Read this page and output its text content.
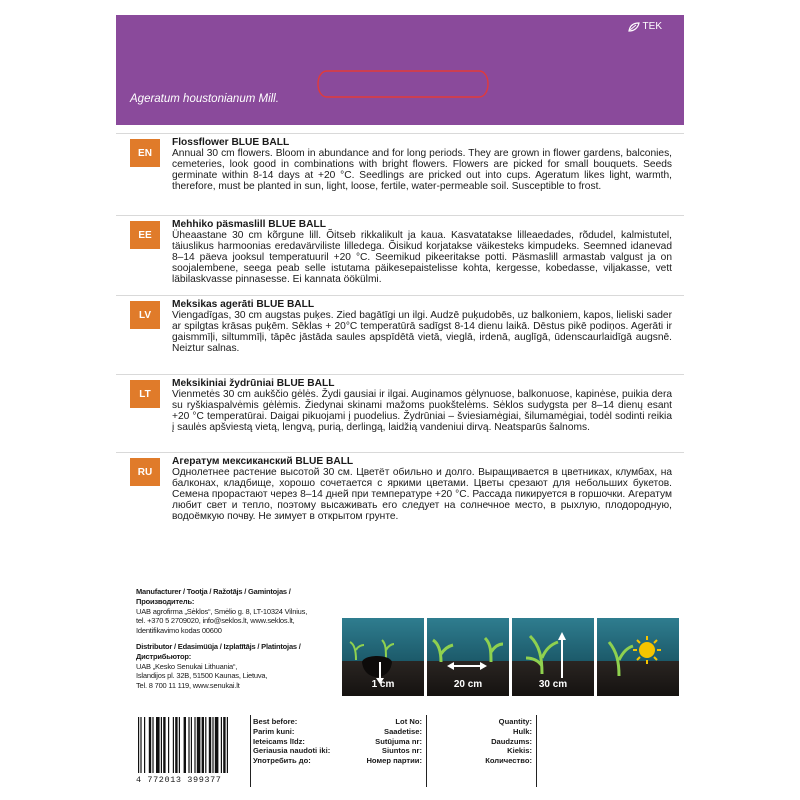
TEK
Ageratum houstonianum Mill.
EN
Flossflower BLUE BALL
Annual 30 cm flowers. Bloom in abundance and for long periods. They are grown in flower gardens, balconies, cemeteries, look good in combinations with bright flowers. Flowers are picked for small bouquets. Seeds germinate within 8-14 days at +20 °C. Seedlings are pricked out into cups. Ageratum likes light, warmth, therefore, must be planted in sun, light, loose, fertile, water-permeable soil. Susceptible to frost.
EE
Mehhiko päsmaslill BLUE BALL
Üheaastane 30 cm kõrgune lill. Õitseb rikkalikult ja kaua. Kasvatatakse lilleaedades, rõdudel, kalmistutel, täiuslikus harmoonias eredavärviliste lilledega. Õisikud korjatakse väikesteks kimpudeks. Seemned idanevad 8–14 päeva jooksul temperatuuril +20 °C. Seemikud pikeeritakse potti. Päsmaslill armastab valgust ja on soojalembene, seega peab selle istutama päikesepaistelisse kohta, kergesse, kobedasse, viljakasse, vett läbilaskvasse pinnasesse. Ei kannata öökülmi.
LV
Meksikas agerāti BLUE BALL
Viengadīgas, 30 cm augstas puķes. Zied bagātīgi un ilgi. Audzē puķudobēs, uz balkoniem, kapos, lieliski sader ar spilgtas krāsas puķēm. Sēklas + 20°C temperatūrā sadīgst 8-14 dienu laikā. Dēstus pikē podiņos. Agerāti ir gaismmīļi, siltummīļi, tāpēc jāstāda saules apspīdētā vietā, vieglā, irdenā, auglīgā, ūdenscaurlaidīgā augsnē. Neiztur salnas.
LT
Meksikiniai žydrūniai BLUE BALL
Vienmetės 30 cm aukščio gėlės. Žydi gausiai ir ilgai. Auginamos gėlynuose, balkonuose, kapinėse, puikia dera su ryškiaspalvėmis gėlėmis. Žiedynai skinami mažoms puokštelėms. Sėklos sudygsta per 8–14 dienų esant +20 °C temperatūrai. Daigai pikuojami į puodelius. Žydrūniai – šviesiamėgiai, šilumamėgiai, todėl sodinti reikia į saulės apšviestą vietą, lengvą, purią, derlingą, laidžią vandeniui dirvą. Neatsparūs šalnoms.
RU
Агератум мексиканский BLUE BALL
Однолетнее растение высотой 30 см. Цветёт обильно и долго. Выращивается в цветниках, клумбах, на балконах, кладбище, хорошо сочетается с яркими цветами. Цветы срезают для небольших букетов. Семена прорастают через 8–14 дней при температуре +20 °C. Рассада пикируется в горшочки. Агератум любит свет и тепло, поэтому высаживать его следует на солнечное место, в рыхлую, плодородную, водоёмкую почву. Не зимует в открытом грунте.
Manufacturer / Tootja / Ražotājs / Gamintojas / Производитель:
UAB agrofirma „Sėklos“, Smėlio g. 8, LT-10324 Vilnius,
tel. +370 5 2709020, info@seklos.lt, www.seklos.lt,
Identifikavimo kodas 00600
Distributor / Edasimüüja / Izplatītājs / Platintojas / Дистрибьютор:
UAB „Kesko Senukai Lithuania“,
Islandijos pl. 32B, 51500 Kaunas, Lietuva,
Tel. 8 700 11 119, www.senukai.lt	1 cm	20 cm	30 cm
4 772013 399377
Best before:
Parim kuni:
Ieteicams līdz:
Geriausia naudoti iki:
Употребить до:
Lot No:
Saadetise:
Sutūjuma nr:
Siuntos nr:
Номер партии:
Quantity:
Hulk:
Daudzums:
Kiekis:
Количество:
